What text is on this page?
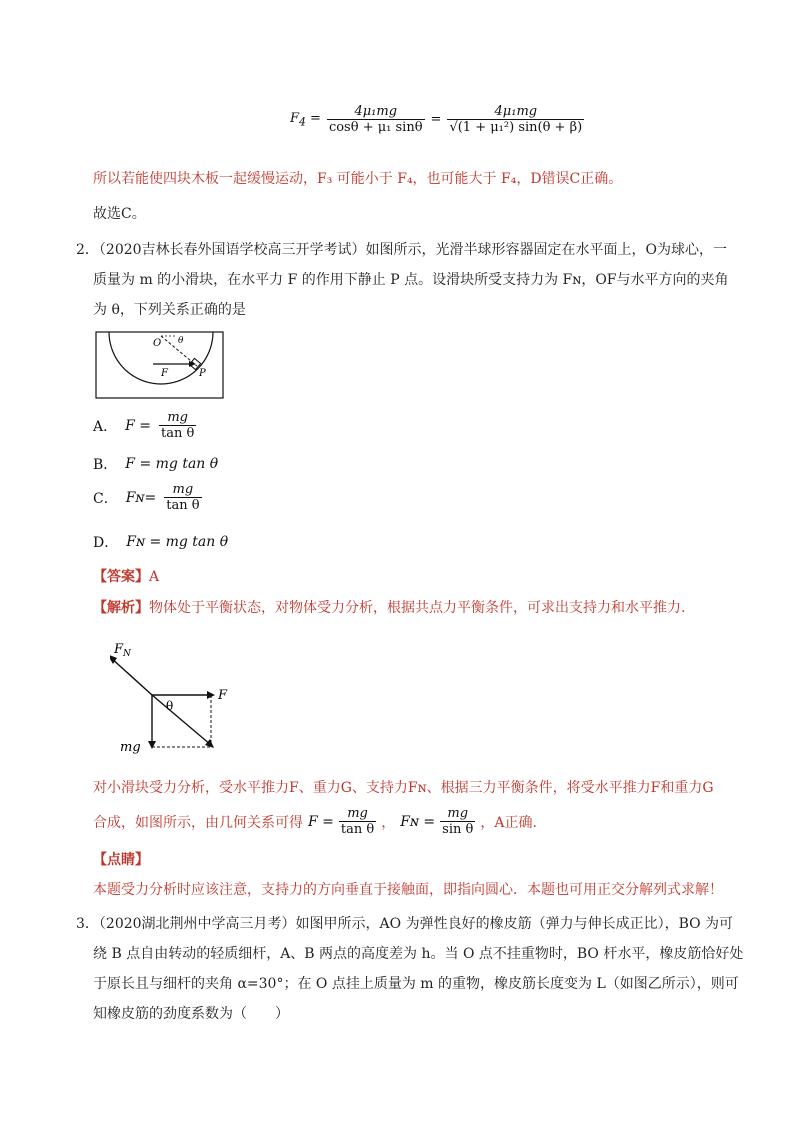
$F_4 = \frac{\text{4μ₁mg}}{\text{cosθ + μ₁ sinθ}} = \frac{\text{4μ₁mg}}{\text{√(1 + μ₁²) sin(θ + β)}}$
所以若能使四块木板一起缓慢运动，F₃ 可能小于 F₄，也可能大于 F₄，D错误C正确。
故选C。
2．（2020吉林长春外国语学校高三开学考试）如图所示，光滑半球形容器固定在水平面上，O为球心，一
质量为 m 的小滑块，在水平力 F 的作用下静止 P 点。设滑块所受支持力为 Fɴ，OF与水平方向的夹角
为 θ，下列关系正确的是
O θ
F	P
A． $F = \frac{mg}{\text{tan θ}}$
B． F = mg tan θ
C． Fɴ= $\frac{mg}{\text{tan θ}}$
D． Fɴ = mg tan θ
【答案】A
【解析】物体处于平衡状态，对物体受力分析，根据共点力平衡条件，可求出支持力和水平推力.
$F_N$
F
mg
θ
对小滑块受力分析，受水平推力F、重力G、支持力Fɴ、根据三力平衡条件，将受水平推力F和重力G
合成，如图所示，由几何关系可得 $F = \frac{mg}{\text{tan θ}}$ ， Fɴ = $\frac{mg}{\text{sin θ}}$ ，A正确.
【点睛】
本题受力分析时应该注意，支持力的方向垂直于接触面，即指向圆心．本题也可用正交分解列式求解！
3．（2020湖北荆州中学高三月考）如图甲所示，AO 为弹性良好的橡皮筋（弹力与伸长成正比），BO 为可
绕 B 点自由转动的轻质细杆，A、B 两点的高度差为 h。当 O 点不挂重物时，BO 杆水平，橡皮筋恰好处
于原长且与细杆的夹角 α=30°；在 O 点挂上质量为 m 的重物，橡皮筋长度变为 L（如图乙所示），则可
知橡皮筋的劲度系数为（　　）
